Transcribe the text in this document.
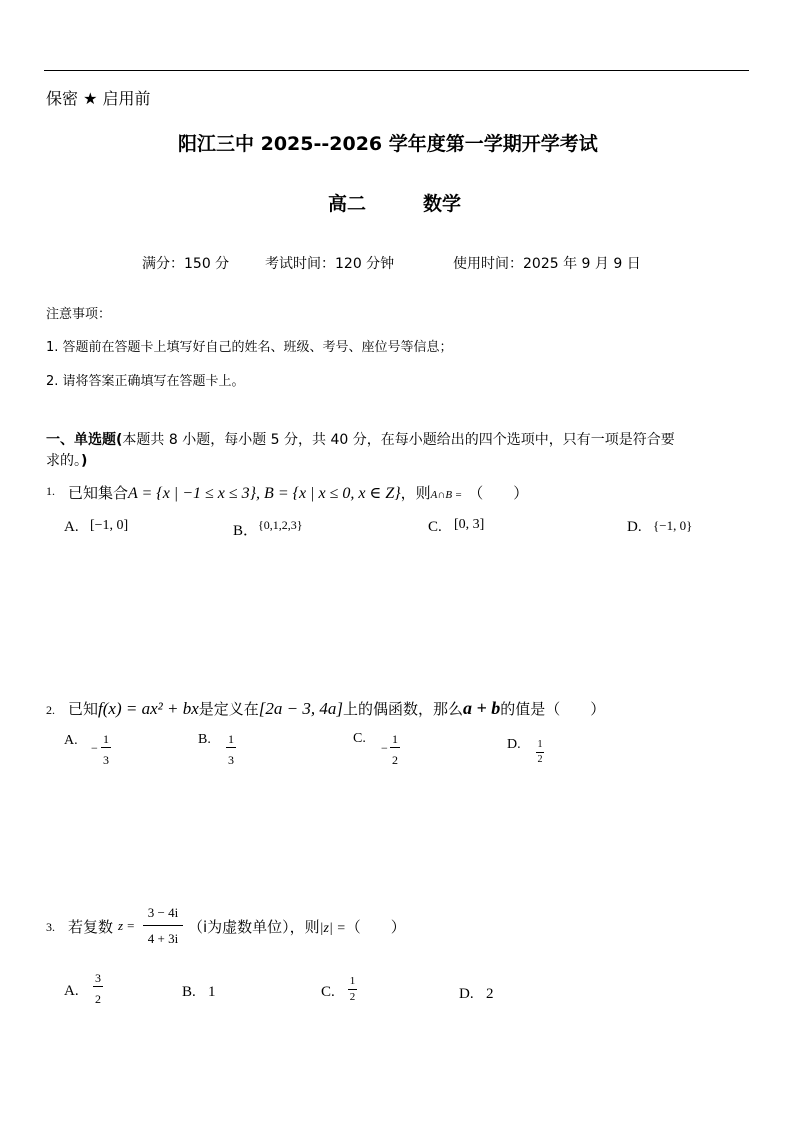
保密 ★ 启用前
阳江三中 2025--2026 学年度第一学期开学考试
高二	数学
满分：150 分	考试时间：120 分钟	使用时间：2025 年 9 月 9 日
注意事项：
1. 答题前在答题卡上填写好自己的姓名、班级、考号、座位号等信息；
2. 请将答案正确填写在答题卡上。
一、单选题(本题共 8 小题，每小题 5 分，共 40 分，在每小题给出的四个选项中，只有一项是符合要
求的。)
1. 已知集合A = {x | −1 ≤ x ≤ 3}, B = {x | x ≤ 0, x ∈ Z}，则A∩B = （　　）
A. [−1, 0]	B． {0,1,2,3}	C. [0, 3]	D. {−1, 0}
2. 已知f(x) = ax² + bx是定义在[2a − 3, 4a]上的偶函数，那么a + b的值是（　　）
A. −
1
3
B. 1
3
C.
−
1
2
D. 1
2
3. 若复数 z =
3 − 4i
4 + 3i
（i为虚数单位），则|z| =（　　）
A.
3
2	B. 1	C.
1
2	D. 2
